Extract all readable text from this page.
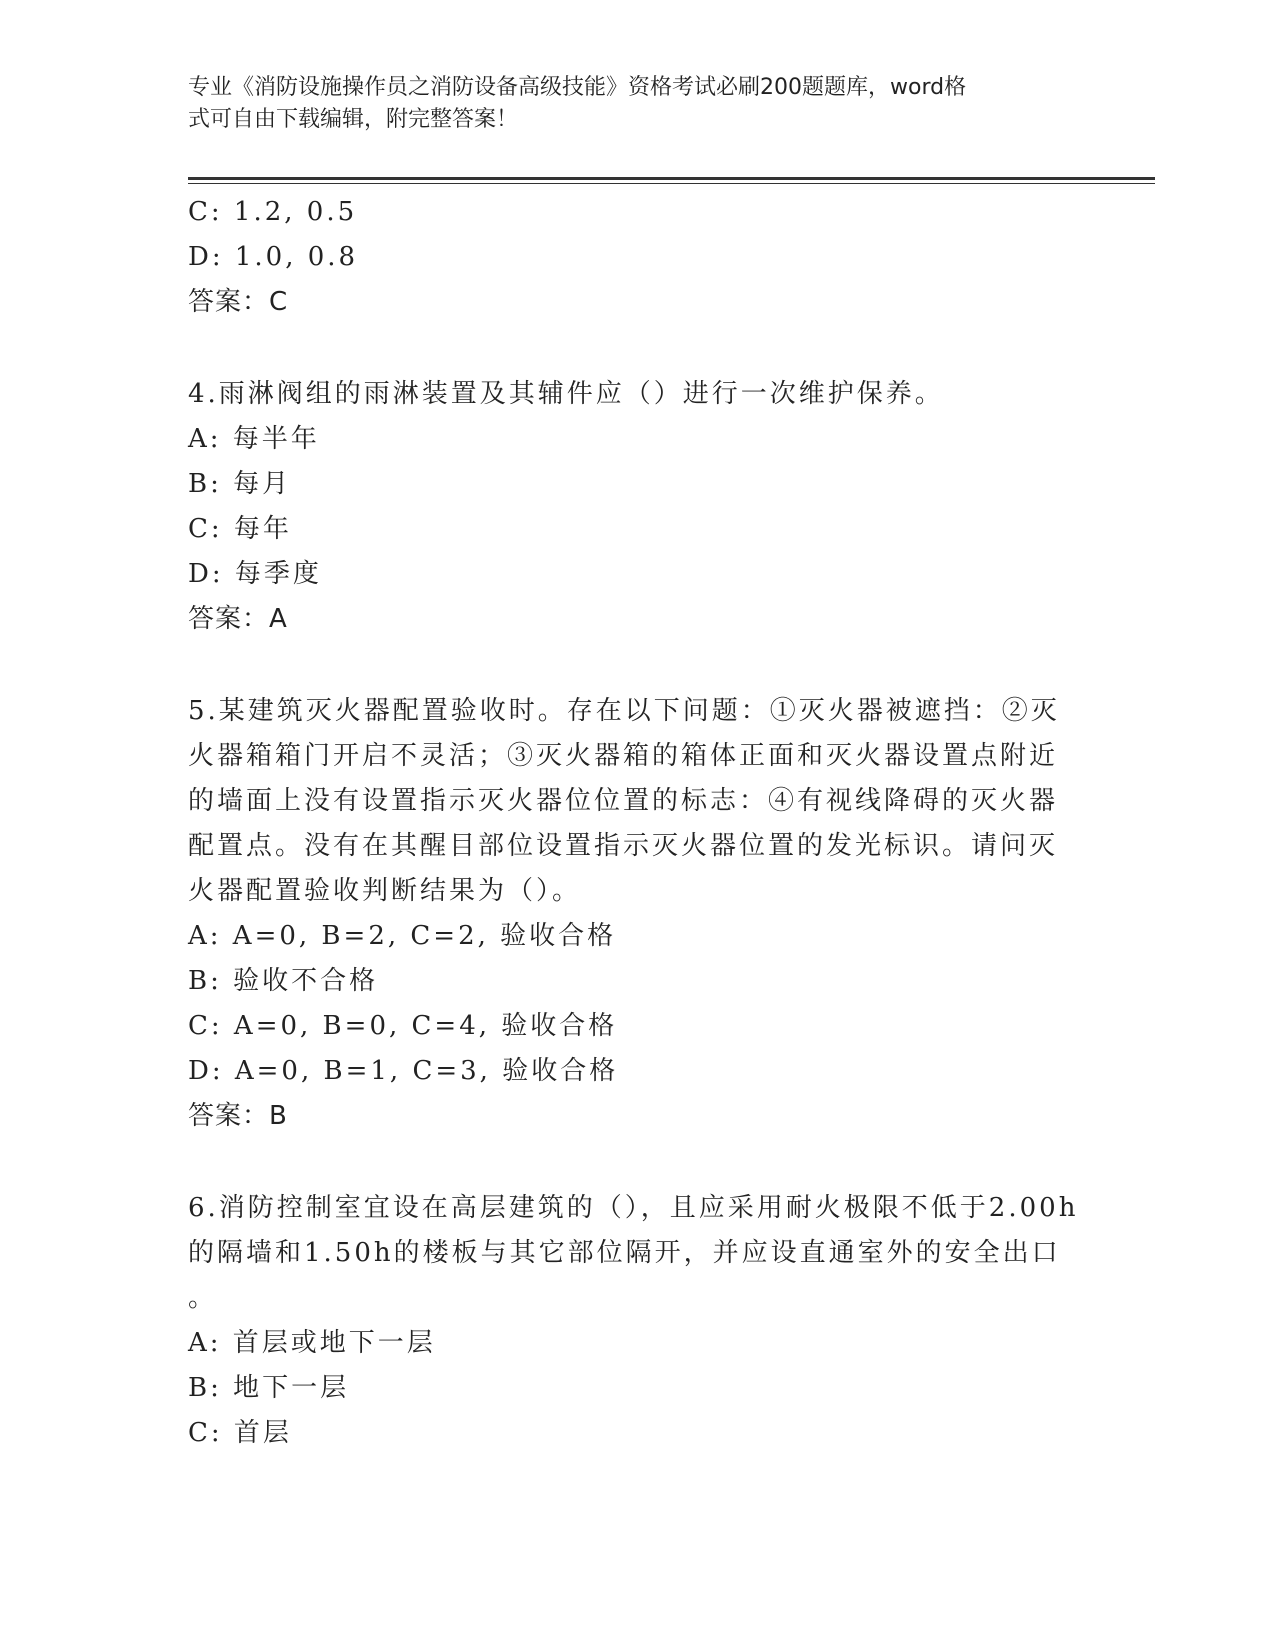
专业《消防设施操作员之消防设备高级技能》资格考试必刷200题题库，word格
式可自由下载编辑，附完整答案！
C: 1.2, 0.5
D: 1.0, 0.8
答案：C
4.雨淋阀组的雨淋装置及其辅件应（）进行一次维护保养。
A: 每半年
B: 每月
C: 每年
D: 每季度
答案：A
5.某建筑灭火器配置验收时。存在以下问题：①灭火器被遮挡：②灭
火器箱箱门开启不灵活；③灭火器箱的箱体正面和灭火器设置点附近
的墙面上没有设置指示灭火器位位置的标志：④有视线降碍的灭火器
配置点。没有在其醒目部位设置指示灭火器位置的发光标识。请问灭
火器配置验收判断结果为（）。
A: A=0, B=2, C=2, 验收合格
B: 验收不合格
C: A=0, B=0, C=4, 验收合格
D: A=0, B=1, C=3, 验收合格
答案：B
6.消防控制室宜设在高层建筑的（），且应采用耐火极限不低于2.00h
的隔墙和1.50h的楼板与其它部位隔开，并应设直通室外的安全出口
。
A: 首层或地下一层
B: 地下一层
C: 首层
